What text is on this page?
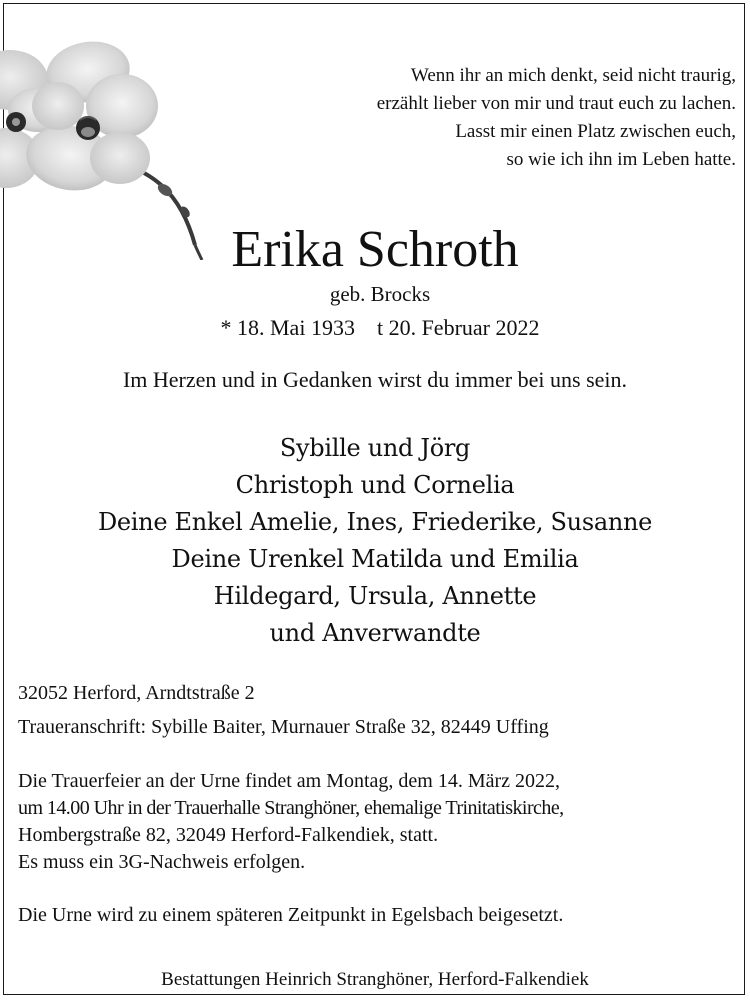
Wenn ihr an mich denkt, seid nicht traurig,
erzählt lieber von mir und traut euch zu lachen.
Lasst mir einen Platz zwischen euch,
so wie ich ihn im Leben hatte.
Erika Schroth
geb. Brocks
* 18. Mai 1933 t 20. Februar 2022
Im Herzen und in Gedanken wirst du immer bei uns sein.
Sybille und Jörg
Christoph und Cornelia
Deine Enkel Amelie, Ines, Friederike, Susanne
Deine Urenkel Matilda und Emilia
Hildegard, Ursula, Annette
und Anverwandte
32052 Herford, Arndtstraße 2
Traueranschrift: Sybille Baiter, Murnauer Straße 32, 82449 Uffing
Die Trauerfeier an der Urne findet am Montag, dem 14. März 2022,
um 14.00 Uhr in der Trauerhalle Stranghöner, ehemalige Trinitatiskirche,
Hombergstraße 82, 32049 Herford-Falkendiek, statt.
Es muss ein 3G-Nachweis erfolgen.
Die Urne wird zu einem späteren Zeitpunkt in Egelsbach beigesetzt.
Bestattungen Heinrich Stranghöner, Herford-Falkendiek
